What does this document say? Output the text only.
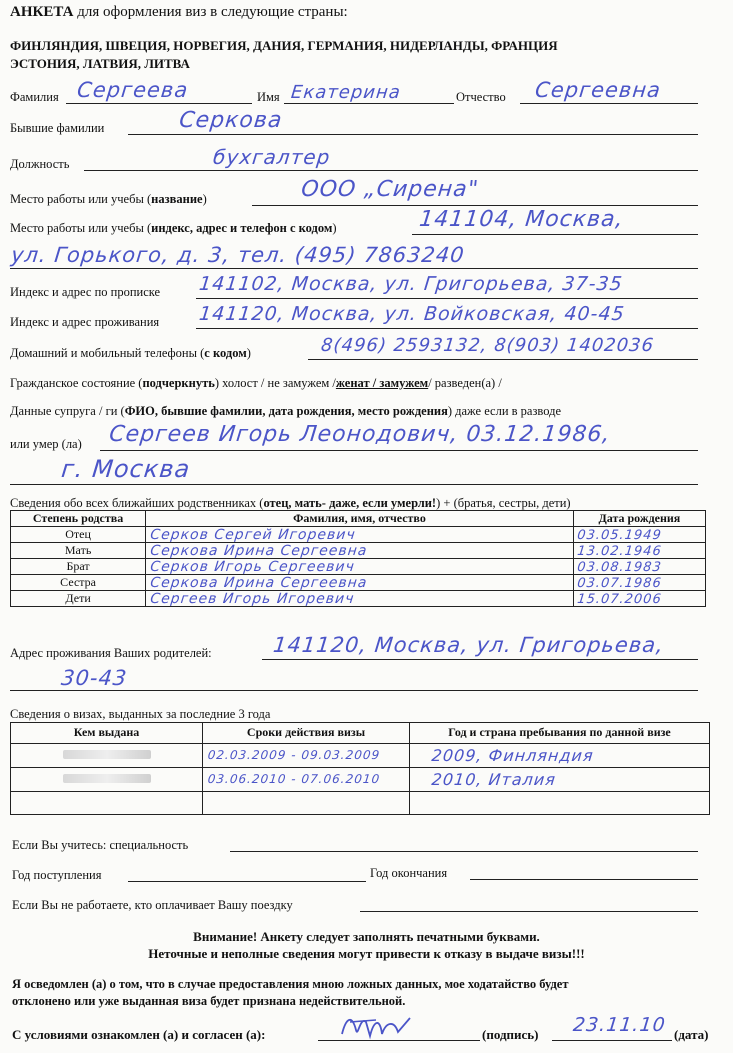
АНКЕТА для оформления виз в следующие страны:
ФИНЛЯНДИЯ, ШВЕЦИЯ, НОРВЕГИЯ, ДАНИЯ, ГЕРМАНИЯ, НИДЕРЛАНДЫ, ФРАНЦИЯ
ЭСТОНИЯ, ЛАТВИЯ, ЛИТВА
Фамилия Сергеева	Имя Екатерина	Отчество Сергеевна
Бывшие фамилии	Серкова
Должность	бухгалтер
Место работы или учебы (название)	ООО „Сирена"
Место работы или учебы (индекс, адрес и телефон с кодом)	141104, Москва,
ул. Горького, д. 3, тел. (495) 7863240
Индекс и адрес по прописке 141102, Москва, ул. Григорьева, 37-35
Индекс и адрес проживания 141120, Москва, ул. Войковская, 40-45
Домашний и мобильный телефоны (с кодом)	8(496) 2593132, 8(903) 1402036
Гражданское состояние (подчеркнуть) холост / не замужем /женат / замужем/ разведен(а) /
Данные супруга / ги (ФИО, бывшие фамилии, дата рождения, место рождения) даже если в разводе
или умер (ла) Сергеев Игорь Леонодович, 03.12.1986,
г. Москва
Сведения обо всех ближайших родственниках (отец, мать- даже, если умерли!) + (братья, сестры, дети)
Степень родства	Фамилия, имя, отчество	Дата рождения
Отец	Серков Сергей Игоревич	03.05.1949
Мать	Серкова Ирина Сергеевна	13.02.1946
Брат	Серков Игорь Сергеевич	03.08.1983
Сестра	Серкова Ирина Сергеевна	03.07.1986
Дети	Сергеев Игорь Игоревич	15.07.2006
Адрес проживания Ваших родителей:	141120, Москва, ул. Григорьева,
30-43
Сведения о визах, выданных за последние 3 года
Кем выдана	Сроки действия визы	Год и страна пребывания по данной визе
	02.03.2009 - 09.03.2009	2009, Финляндия
	03.06.2010 - 07.06.2010	2010, Италия

Если Вы учитесь: специальность
Год поступления	Год окончания
Если Вы не работаете, кто оплачивает Вашу поездку
Внимание! Анкету следует заполнять печатными буквами.
Неточные и неполные сведения могут привести к отказу в выдаче визы!!!
Я осведомлен (а) о том, что в случае предоставления мною ложных данных, мое ходатайство будет
отклонено или уже выданная виза будет признана недействительной.
С условиями ознакомлен (а) и согласен (а):	(подпись) 23.11.10 (дата)
